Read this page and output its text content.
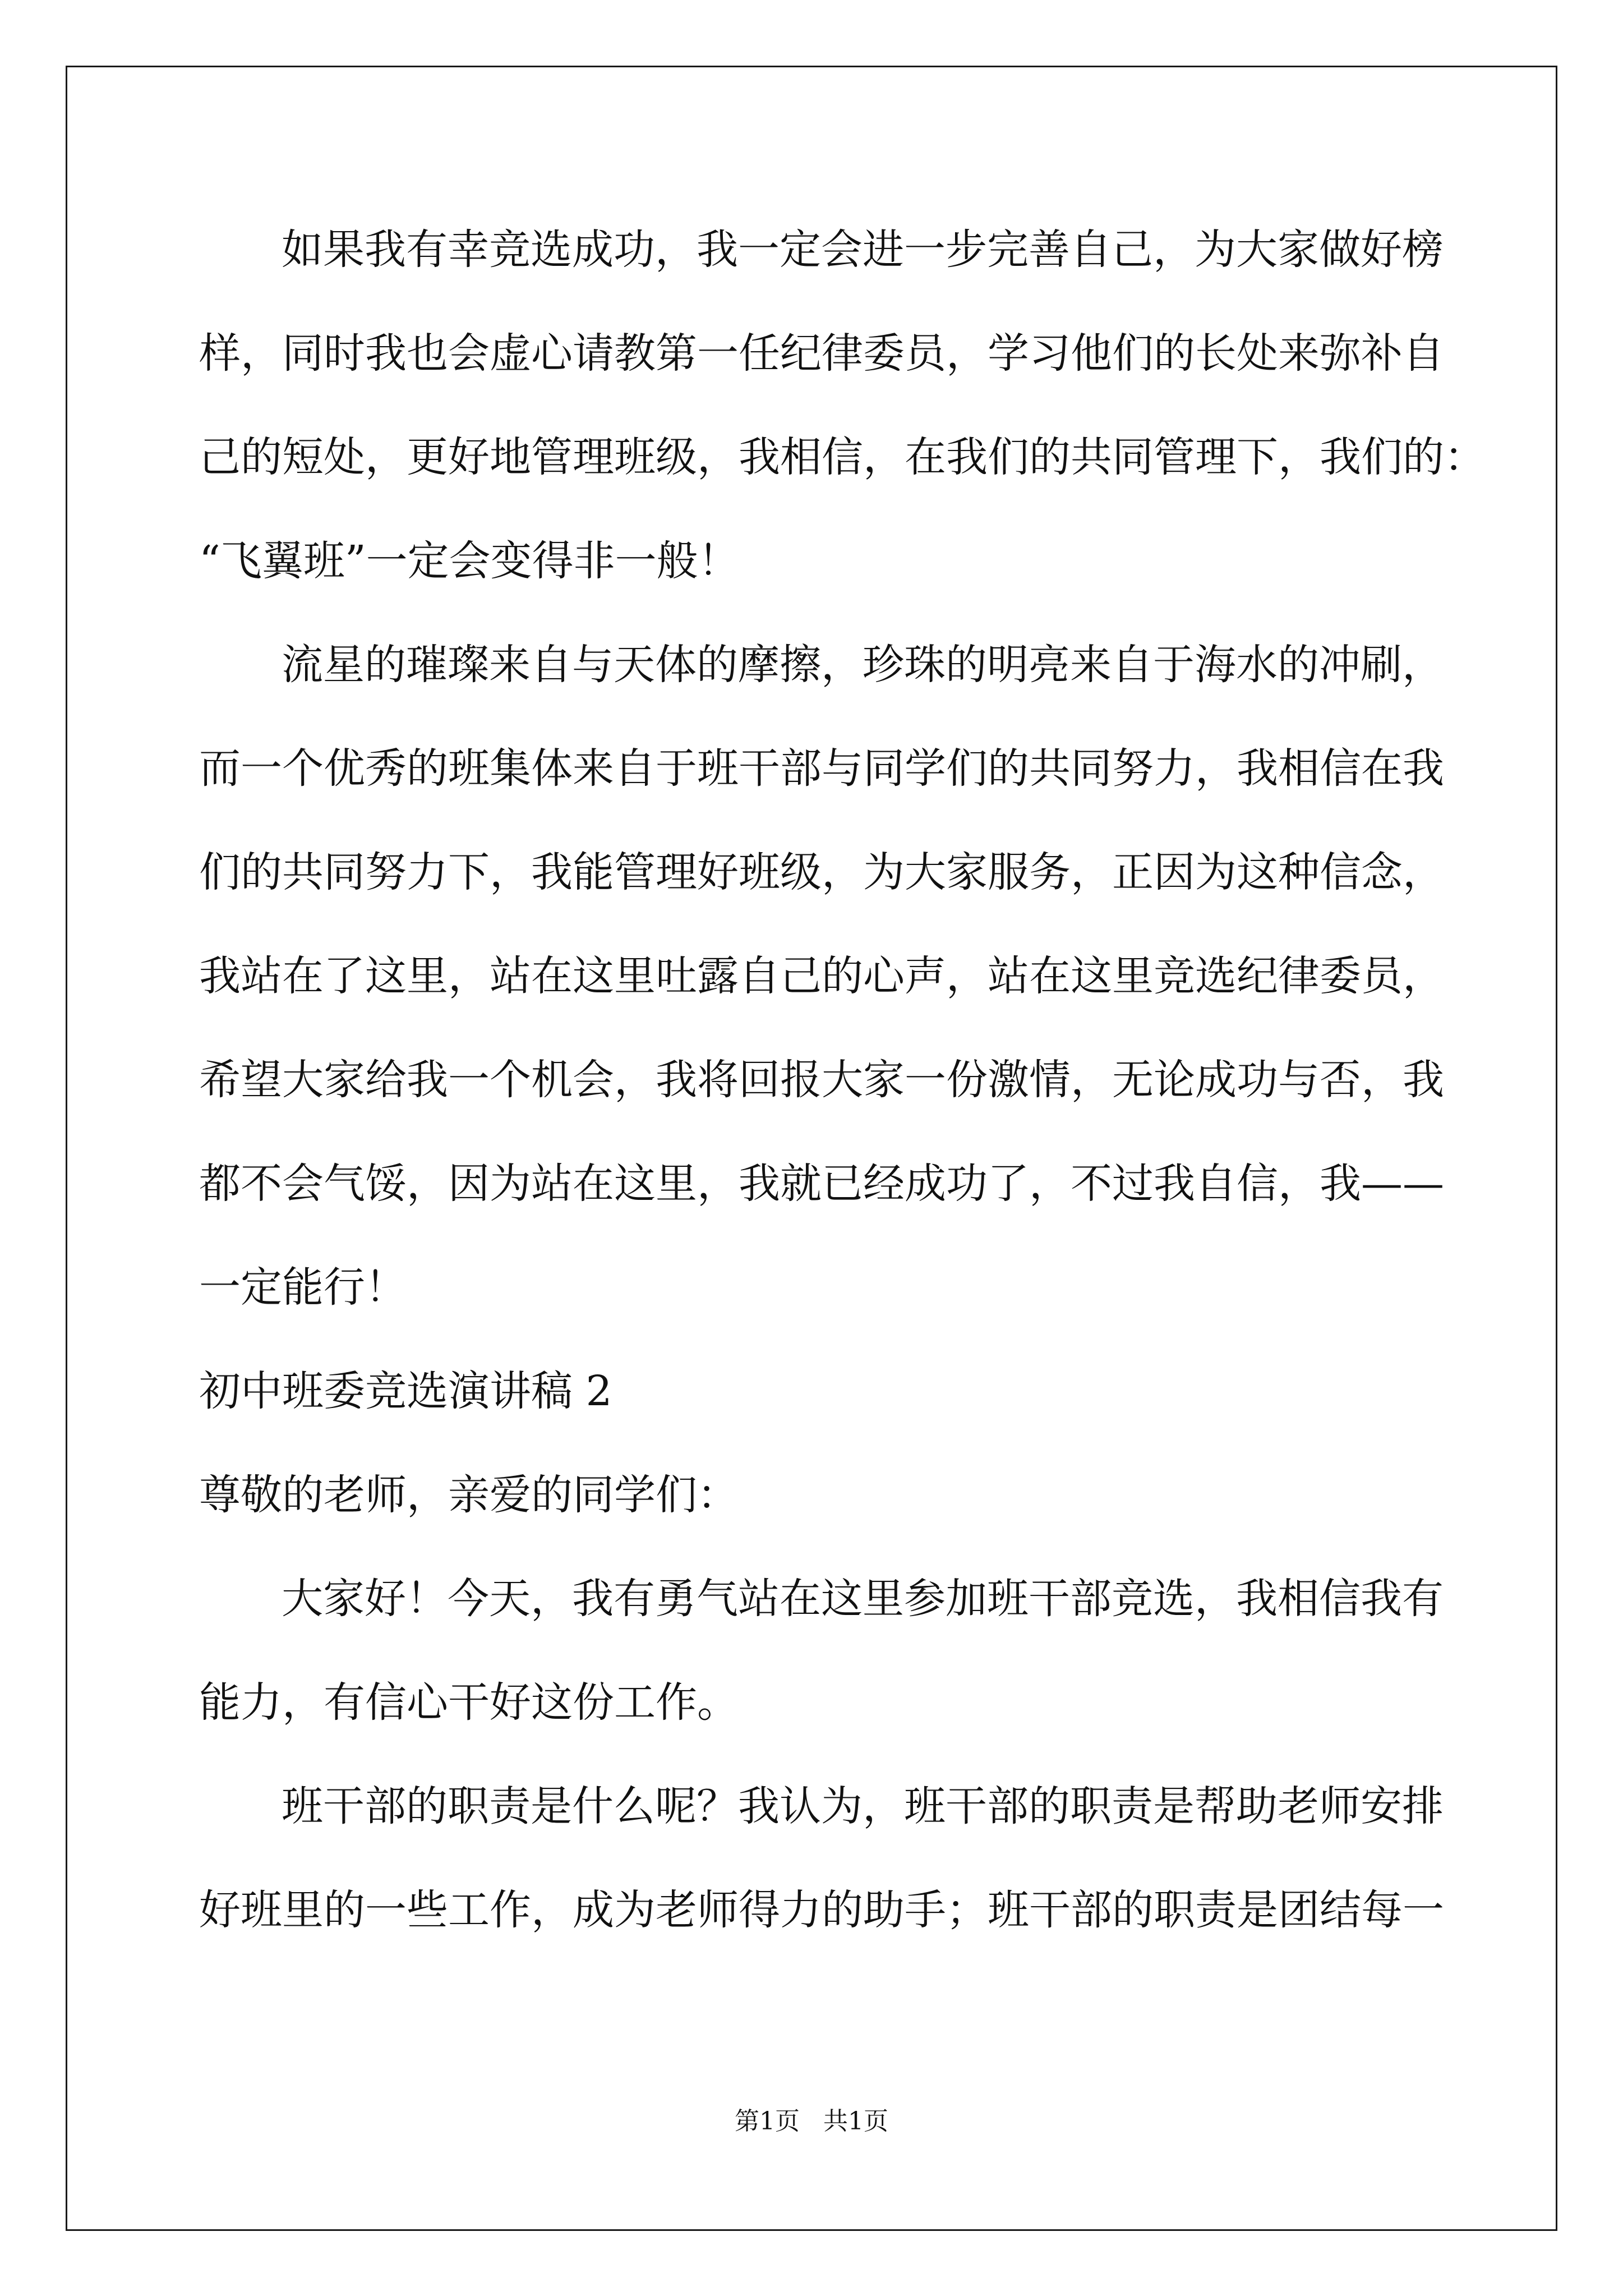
如果我有幸竞选成功，我一定会进一步完善自己，为大家做好榜
样，同时我也会虚心请教第一任纪律委员，学习他们的长处来弥补自
己的短处，更好地管理班级，我相信，在我们的共同管理下，我们的：
“飞翼班”一定会变得非一般！
流星的璀璨来自与天体的摩擦，珍珠的明亮来自于海水的冲刷，
而一个优秀的班集体来自于班干部与同学们的共同努力，我相信在我
们的共同努力下，我能管理好班级，为大家服务，正因为这种信念，
我站在了这里，站在这里吐露自己的心声，站在这里竞选纪律委员，
希望大家给我一个机会，我将回报大家一份激情，无论成功与否，我
都不会气馁，因为站在这里，我就已经成功了，不过我自信，我——
一定能行！
初中班委竞选演讲稿 2
尊敬的老师，亲爱的同学们：
大家好！今天，我有勇气站在这里参加班干部竞选，我相信我有
能力，有信心干好这份工作。
班干部的职责是什么呢？我认为，班干部的职责是帮助老师安排
好班里的一些工作，成为老师得力的助手；班干部的职责是团结每一
第1页   共1页
